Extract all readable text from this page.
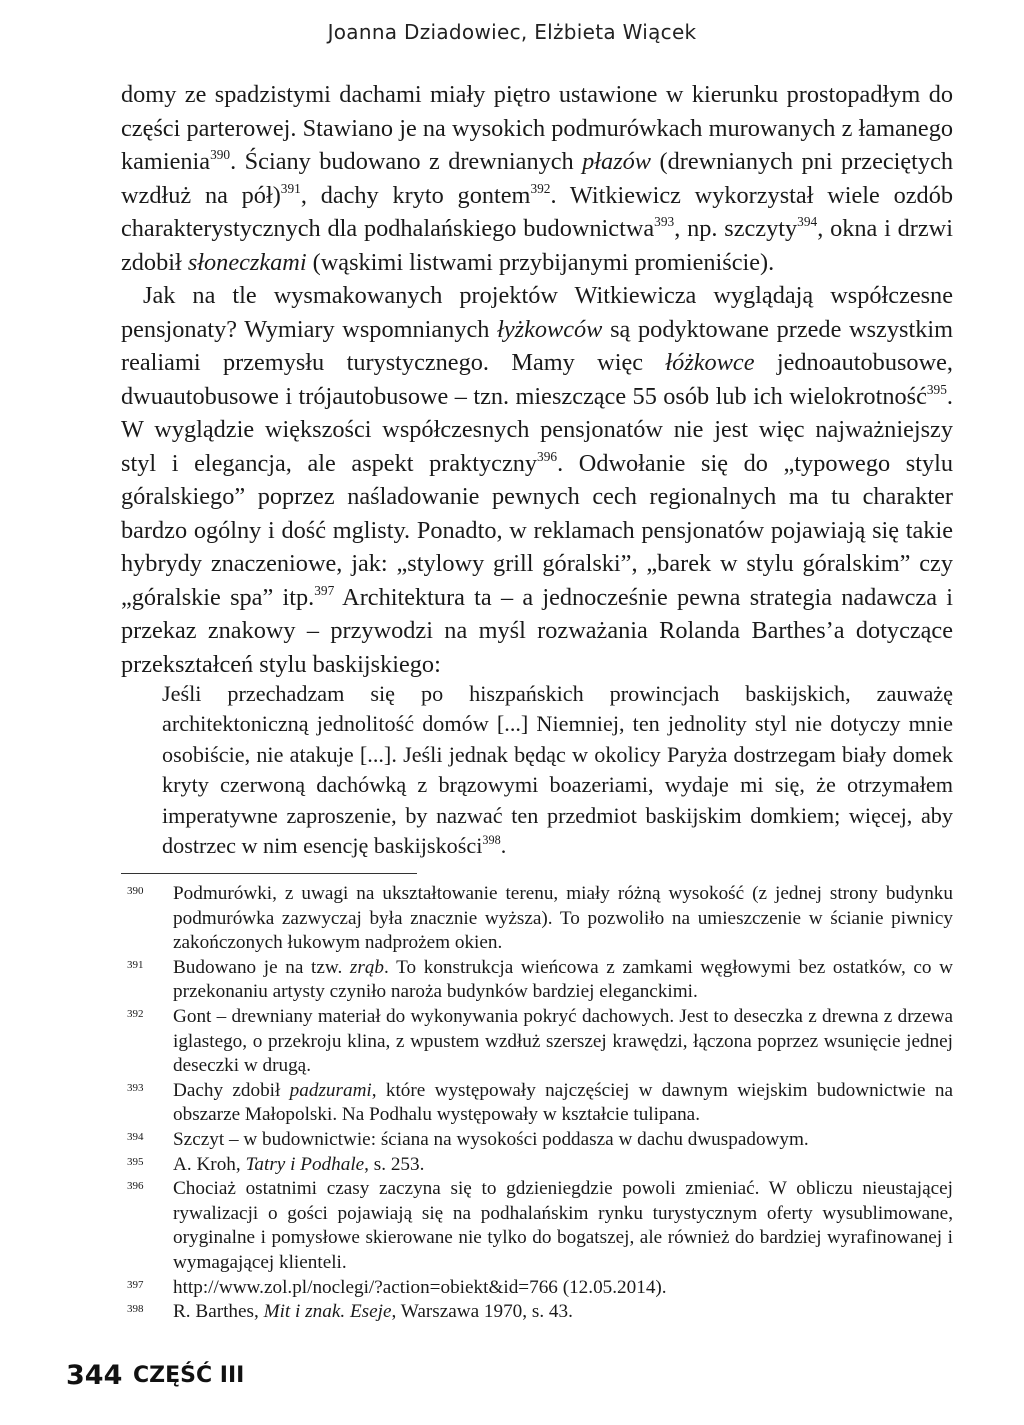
Joanna Dziadowiec, Elżbieta Wiącek

domy ze spadzistymi dachami miały piętro ustawione w kierunku prostopadłym do części parterowej. Stawiano je na wysokich podmurówkach murowanych z łamanego kamienia$^{390}$. Ściany budowano z drewnianych płazów (drewnianych pni przeciętych wzdłuż na pół)$^{391}$, dachy kryto gontem$^{392}$. Witkiewicz wykorzystał wiele ozdób charakterystycznych dla podhalańskiego budownictwa$^{393}$, np. szczyty$^{394}$, okna i drzwi zdobił słoneczkami (wąskimi listwami przybijanymi promieniście).

Jak na tle wysmakowanych projektów Witkiewicza wyglądają współczesne pensjonaty? Wymiary wspomnianych łyżkowców są podyktowane przede wszystkim realiami przemysłu turystycznego. Mamy więc łóżkowce jednoautobusowe, dwuautobusowe i trójautobusowe – tzn. mieszczące 55 osób lub ich wielokrotność$^{395}$. W wyglądzie większości współczesnych pensjonatów nie jest więc najważniejszy styl i elegancja, ale aspekt praktyczny$^{396}$. Odwołanie się do „typowego stylu góralskiego” poprzez naśladowanie pewnych cech regionalnych ma tu charakter bardzo ogólny i dość mglisty. Ponadto, w reklamach pensjonatów pojawiają się takie hybrydy znaczeniowe, jak: „stylowy grill góralski”, „barek w stylu góralskim” czy „góralskie spa” itp.$^{397}$ Architektura ta – a jednocześnie pewna strategia nadawcza i przekaz znakowy – przywodzi na myśl rozważania Rolanda Barthes’a dotyczące przekształceń stylu baskijskiego:

Jeśli przechadzam się po hiszpańskich prowincjach baskijskich, zauważę architektoniczną jednolitość domów [...] Niemniej, ten jednolity styl nie dotyczy mnie osobiście, nie atakuje [...]. Jeśli jednak będąc w okolicy Paryża dostrzegam biały domek kryty czerwoną dachówką z brązowymi boazeriami, wydaje mi się, że otrzymałem imperatywne zaproszenie, by nazwać ten przedmiot baskijskim domkiem; więcej, aby dostrzec w nim esencję baskijskości$^{398}$.

390 Podmurówki, z uwagi na ukształtowanie terenu, miały różną wysokość (z jednej strony budynku podmurówka zazwyczaj była znacznie wyższa). To pozwoliło na umieszczenie w ścianie piwnicy zakończonych łukowym nadprożem okien.
391 Budowano je na tzw. zrąb. To konstrukcja wieńcowa z zamkami węgłowymi bez ostatków, co w przekonaniu artysty czyniło naroża budynków bardziej eleganckimi.
392 Gont – drewniany materiał do wykonywania pokryć dachowych. Jest to deseczka z drewna z drzewa iglastego, o przekroju klina, z wpustem wzdłuż szerszej krawędzi, łączona poprzez wsunięcie jednej deseczki w drugą.
393 Dachy zdobił padzurami, które występowały najczęściej w dawnym wiejskim budownictwie na obszarze Małopolski. Na Podhalu występowały w kształcie tulipana.
394 Szczyt – w budownictwie: ściana na wysokości poddasza w dachu dwuspadowym.
395 A. Kroh, Tatry i Podhale, s. 253.
396 Chociaż ostatnimi czasy zaczyna się to gdzieniegdzie powoli zmieniać. W obliczu nieustającej rywalizacji o gości pojawiają się na podhalańskim rynku turystycznym oferty wysublimowane, oryginalne i pomysłowe skierowane nie tylko do bogatszej, ale również do bardziej wyrafinowanej i wymagającej klienteli.
397 http://www.zol.pl/noclegi/?action=obiekt&id=766 (12.05.2014).
398 R. Barthes, Mit i znak. Eseje, Warszawa 1970, s. 43.
344 CZĘŚĆ III
